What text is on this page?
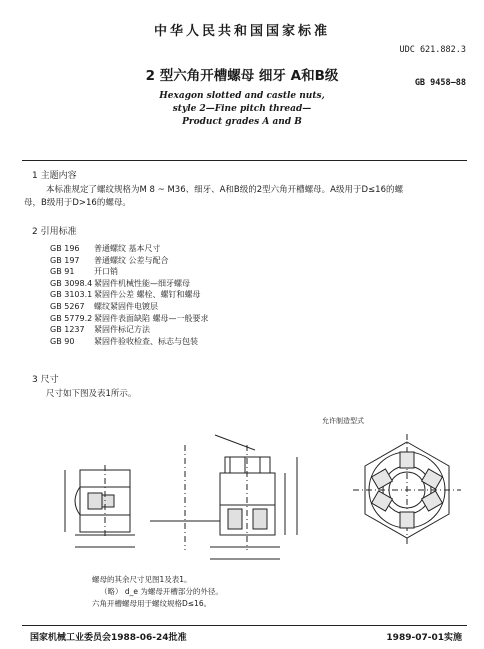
中华人民共和国国家标准
UDC 621.882.3
2 型六角开槽螺母 细牙 A和B级	GB 9458—88
Hexagon slotted and castle nuts,
style 2—Fine pitch thread—
Product grades A and B
1 主题内容
本标准规定了螺纹规格为M 8 ~ M36、细牙、A和B级的2型六角开槽螺母。A级用于D≤16的螺
母，B级用于D>16的螺母。
2 引用标准
GB 196	普通螺纹 基本尺寸
GB 197	普通螺纹 公差与配合
GB 91	开口销
GB 3098.4 紧固件机械性能—细牙螺母
GB 3103.1 紧固件公差 螺栓、螺钉和螺母
GB 5267	螺纹紧固件电镀层
GB 5779.2 紧固件表面缺陷 螺母—一般要求
GB 1237	紧固件标记方法
GB 90	紧固件验收检查、标志与包装
3 尺寸
尺寸如下图及表1所示。
允许制造型式
螺母的其余尺寸见图1及表1。
（略） d_e 为螺母开槽部分的外径。
六角开槽螺母用于螺纹规格D≤16。
国家机械工业委员会1988-06-24批准	1989-07-01实施
